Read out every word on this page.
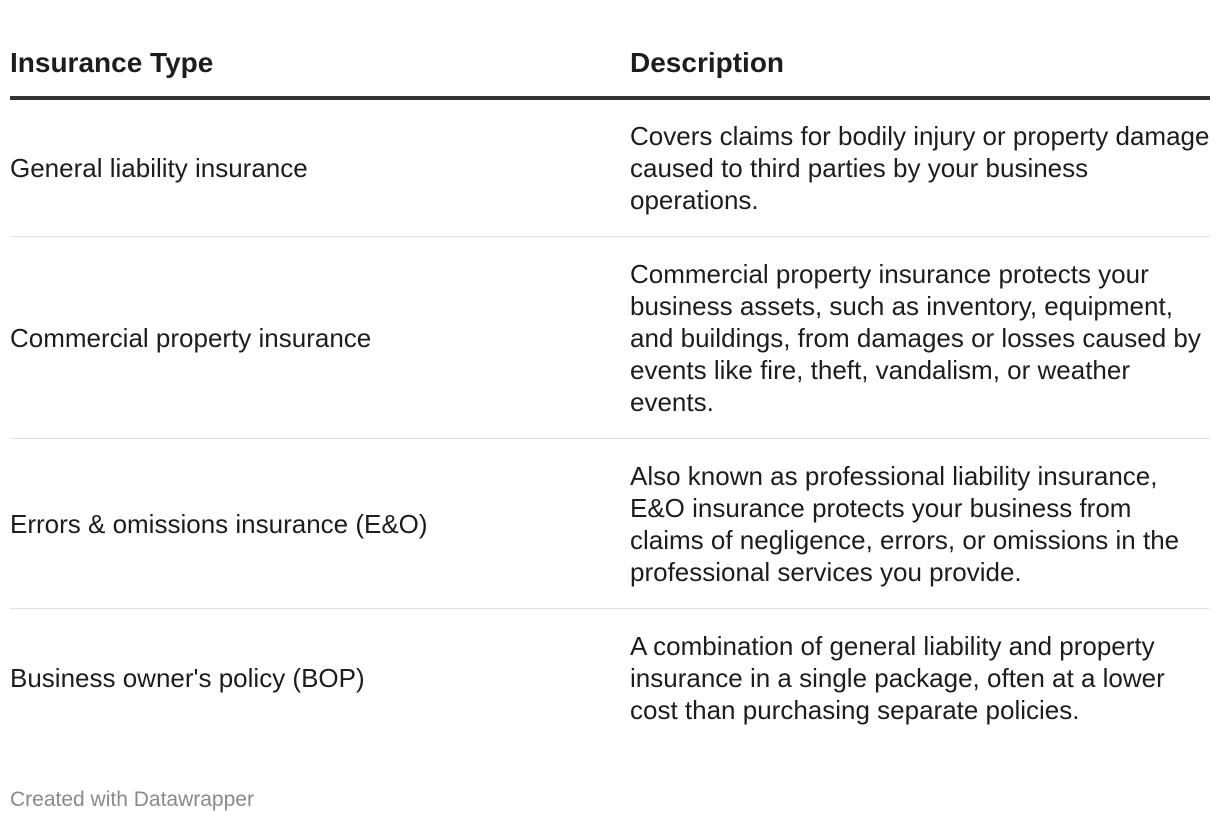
Insurance Type	Description
General liability insurance	Covers claims for bodily injury or property damage caused to third parties by your business operations.
Commercial property insurance	Commercial property insurance protects your business assets, such as inventory, equipment, and buildings, from damages or losses caused by events like fire, theft, vandalism, or weather events.
Errors & omissions insurance (E&O)	Also known as professional liability insurance, E&O insurance protects your business from claims of negligence, errors, or omissions in the professional services you provide.
Business owner's policy (BOP)	A combination of general liability and property insurance in a single package, often at a lower cost than purchasing separate policies.
Created with Datawrapper
